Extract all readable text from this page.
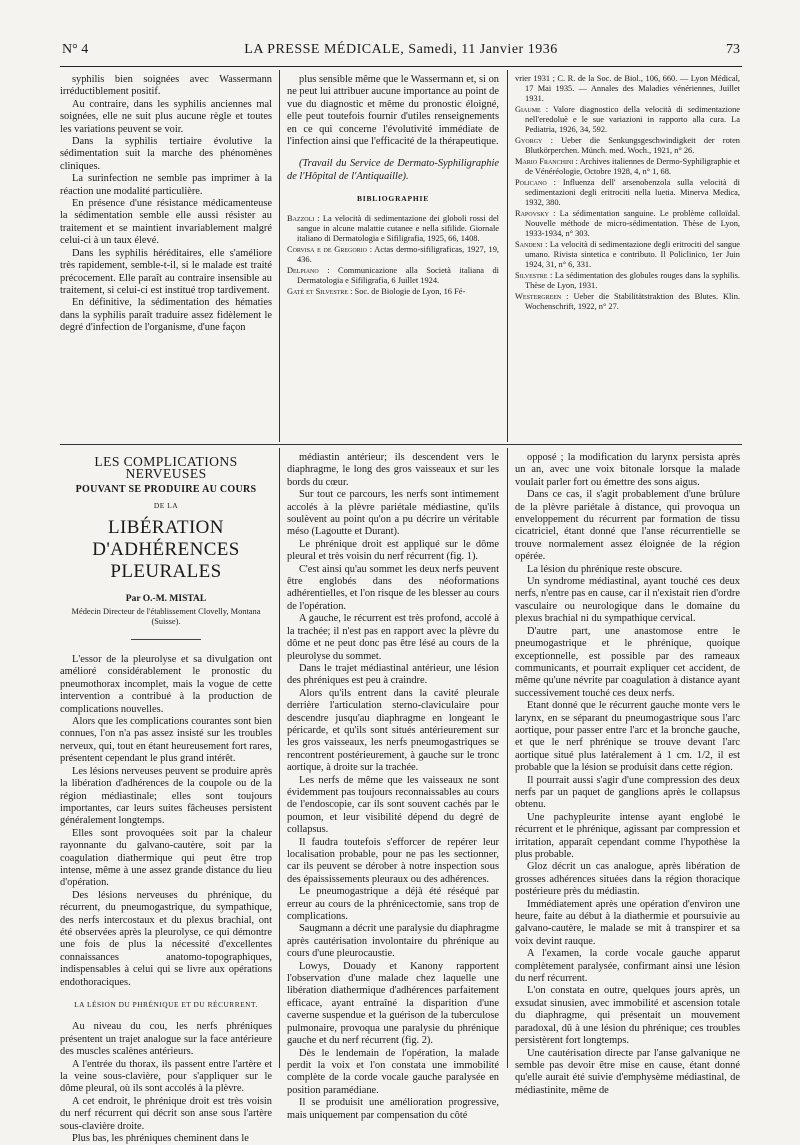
N° 4	LA PRESSE MÉDICALE, Samedi, 11 Janvier 1936	73

syphilis bien soignées avec Wassermann irréductiblement positif.

Au contraire, dans les syphilis anciennes mal soignées, elle ne suit plus aucune règle et toutes les variations peuvent se voir.

Dans la syphilis tertiaire évolutive la sédimentation suit la marche des phénomènes cliniques.

La surinfection ne semble pas imprimer à la réaction une modalité particulière.

En présence d'une résistance médicamenteuse la sédimentation semble elle aussi résister au traitement et se maintient invariablement malgré celui-ci à un taux élevé.

Dans les syphilis héréditaires, elle s'améliore très rapidement, semble-t-il, si le malade est traité précocement. Elle paraît au contraire insensible au traitement, si celui-ci est institué trop tardivement.

En définitive, la sédimentation des hématies dans la syphilis paraît traduire assez fidèlement le degré d'infection de l'organisme, d'une façon

plus sensible même que le Wassermann et, si on ne peut lui attribuer aucune importance au point de vue du diagnostic et même du pronostic éloigné, elle peut toutefois fournir d'utiles renseignements en ce qui concerne l'évolutivité immédiate de l'infection ainsi que l'efficacité de la thérapeutique.

(Travail du Service de Dermato-Syphiligraphie de l'Hôpital de l'Antiquaille).

BIBLIOGRAPHIE

Bazzoli : La velocità di sedimentazione dei globoli rossi del sangue in alcune malattie cutanee e nella sifilide. Giornale italiano di Dermatologia e Sifiligrafia, 1925, 66, 1408.

Corvisa e de Gregorio : Actas dermo-sifiligraficas, 1927, 19, 436.

Delpiano : Communicazione alla Società italiana di Dermatologia e Sifiligrafia, 6 Juillet 1924.

Gaté et Silvestre : Soc. de Biologie de Lyon, 16 Fé-

vrier 1931 ; C. R. de la Soc. de Biol., 106, 660. — Lyon Médical, 17 Mai 1935. — Annales des Maladies vénériennes, Juillet 1931.

Giaume : Valore diagnostico della velocità di sedimentazione nell'eredoluè e le sue variazioni in rapporto alla cura. La Pediatria, 1926, 34, 592.

Gyorgy : Ueber die Senkungsgeschwindigkeit der roten Blutkörperchen. Münch. med. Woch., 1921, n° 26.

Mario Franchini : Archives italiennes de Dermo-Syphiligraphie et de Vénéréologie, Octobre 1928, 4, n° 1, 68.

Policano : Influenza dell' arsenobenzola sulla velocità di sedimentazioni degli eritrociti nella luetia. Minerva Medica, 1932, 380.

Rapovsky : La sédimentation sanguine. Le problème colloïdal. Nouvelle méthode de micro-sédimentation. Thèse de Lyon, 1933-1934, n° 303.

Sandeni : La velocità di sedimentazione degli eritrociti del sangue umano. Rivista sintetica e contributo. Il Policlinico, 1er Juin 1924, 31, n° 6, 331.

Silvestre : La sédimentation des globules rouges dans la syphilis. Thèse de Lyon, 1931.

Westergreen : Ueber die Stabilitätstraktion des Blutes. Klin. Wochenschrift, 1922, n° 27.

LES COMPLICATIONS NERVEUSES
POUVANT SE PRODUIRE AU COURS
DE LA
LIBÉRATION D'ADHÉRENCES PLEURALES
Par O.-M. MISTAL
Médecin Directeur de l'établissement Clovelly, Montana (Suisse).

L'essor de la pleurolyse et sa divulgation ont amélioré considérablement le pronostic du pneumothorax incomplet, mais la vogue de cette intervention a contribué à la production de complications nouvelles.

Alors que les complications courantes sont bien connues, l'on n'a pas assez insisté sur les troubles nerveux, qui, tout en étant heureusement fort rares, présentent cependant le plus grand intérêt.

Les lésions nerveuses peuvent se produire après la libération d'adhérences de la coupole ou de la région médiastinale; elles sont toujours importantes, car leurs suites fâcheuses persistent généralement longtemps.

Elles sont provoquées soit par la chaleur rayonnante du galvano-cautère, soit par la coagulation diathermique qui peut être trop intense, même à une assez grande distance du lieu d'opération.

Des lésions nerveuses du phrénique, du récurrent, du pneumogastrique, du sympathique, des nerfs intercostaux et du plexus brachial, ont été observées après la pleurolyse, ce qui démontre une fois de plus la nécessité d'excellentes connaissances anatomo-topographiques, indispensables à celui qui se livre aux opérations endothoraciques.

LA LÉSION DU PHRÉNIQUE ET DU RÉCURRENT.

Au niveau du cou, les nerfs phréniques présentent un trajet analogue sur la face antérieure des muscles scalènes antérieurs.

A l'entrée du thorax, ils passent entre l'artère et la veine sous-clavière, pour s'appliquer sur le dôme pleural, où ils sont accolés à la plèvre.

A cet endroit, le phrénique droit est très voisin du nerf récurrent qui décrit son anse sous l'artère sous-clavière droite.

Plus bas, les phréniques cheminent dans le

médiastin antérieur; ils descendent vers le diaphragme, le long des gros vaisseaux et sur les bords du cœur.

Sur tout ce parcours, les nerfs sont intimement accolés à la plèvre pariétale médiastine, qu'ils soulèvent au point qu'on a pu décrire un véritable méso (Lagoutte et Durant).

Le phrénique droit est appliqué sur le dôme pleural et très voisin du nerf récurrent (fig. 1).

C'est ainsi qu'au sommet les deux nerfs peuvent être englobés dans des néoformations adhérentielles, et l'on risque de les blesser au cours de l'opération.

A gauche, le récurrent est très profond, accolé à la trachée; il n'est pas en rapport avec la plèvre du dôme et ne peut donc pas être lésé au cours de la pleurolyse du sommet.

Dans le trajet médiastinal antérieur, une lésion des phréniques est peu à craindre.

Alors qu'ils entrent dans la cavité pleurale derrière l'articulation sterno-claviculaire pour descendre jusqu'au diaphragme en longeant le péricarde, et qu'ils sont situés antérieurement sur les gros vaisseaux, les nerfs pneumogastriques se rencontrent postérieurement, à gauche sur le tronc aortique, à droite sur la trachée.

Les nerfs de même que les vaisseaux ne sont évidemment pas toujours reconnaissables au cours de l'endoscopie, car ils sont souvent cachés par le poumon, et leur visibilité dépend du degré de collapsus.

Il faudra toutefois s'efforcer de repérer leur localisation probable, pour ne pas les sectionner, car ils peuvent se dérober à notre inspection sous des épaississements pleuraux ou des adhérences.

Le pneumogastrique a déjà été réséqué par erreur au cours de la phrénicectomie, sans trop de complications.

Saugmann a décrit une paralysie du diaphragme après cautérisation involontaire du phrénique au cours d'une pleurocaustie.

Lowys, Douady et Kanony rapportent l'observation d'une malade chez laquelle une libération diathermique d'adhérences parfaitement efficace, ayant entraîné la disparition d'une caverne suspendue et la guérison de la tuberculose pulmonaire, provoqua une paralysie du phrénique gauche et du nerf récurrent (fig. 2).

Dès le lendemain de l'opération, la malade perdit la voix et l'on constata une immobilité complète de la corde vocale gauche paralysée en position paramédiane.

Il se produisit une amélioration progressive, mais uniquement par compensation du côté

opposé ; la modification du larynx persista après un an, avec une voix bitonale lorsque la malade voulait parler fort ou émettre des sons aigus.

Dans ce cas, il s'agit probablement d'une brûlure de la plèvre pariétale à distance, qui provoqua un enveloppement du récurrent par formation de tissu cicatriciel, étant donné que l'anse récurrentielle se trouve normalement assez éloignée de la région opérée.

La lésion du phrénique reste obscure.

Un syndrome médiastinal, ayant touché ces deux nerfs, n'entre pas en cause, car il n'existait rien d'ordre vasculaire ou neurologique dans le domaine du plexus brachial ni du sympathique cervical.

D'autre part, une anastomose entre le pneumogastrique et le phrénique, quoique exceptionnelle, est possible par des rameaux communicants, et pourrait expliquer cet accident, de même qu'une névrite par coagulation à distance ayant successivement touché ces deux nerfs.

Etant donné que le récurrent gauche monte vers le larynx, en se séparant du pneumogastrique sous l'arc aortique, pour passer entre l'arc et la bronche gauche, et que le nerf phrénique se trouve devant l'arc aortique situé plus latéralement à 1 cm. 1/2, il est probable que la lésion se produisit dans cette région.

Il pourrait aussi s'agir d'une compression des deux nerfs par un paquet de ganglions après le collapsus obtenu.

Une pachypleurite intense ayant englobé le récurrent et le phrénique, agissant par compression et irritation, apparaît cependant comme l'hypothèse la plus probable.

Gloz décrit un cas analogue, après libération de grosses adhérences situées dans la région thoracique postérieure près du médiastin.

Immédiatement après une opération d'environ une heure, faite au début à la diathermie et poursuivie au galvano-cautère, le malade se mit à transpirer et sa voix devint rauque.

A l'examen, la corde vocale gauche apparut complètement paralysée, confirmant ainsi une lésion du nerf récurrent.

L'on constata en outre, quelques jours après, un exsudat sinusien, avec immobilité et ascension totale du diaphragme, qui présentait un mouvement paradoxal, dû à une lésion du phrénique; ces troubles persistèrent fort longtemps.

Une cautérisation directe par l'anse galvanique ne semble pas devoir être mise en cause, étant donné qu'elle aurait été suivie d'emphysème médiastinal, de médiastinite, même de
